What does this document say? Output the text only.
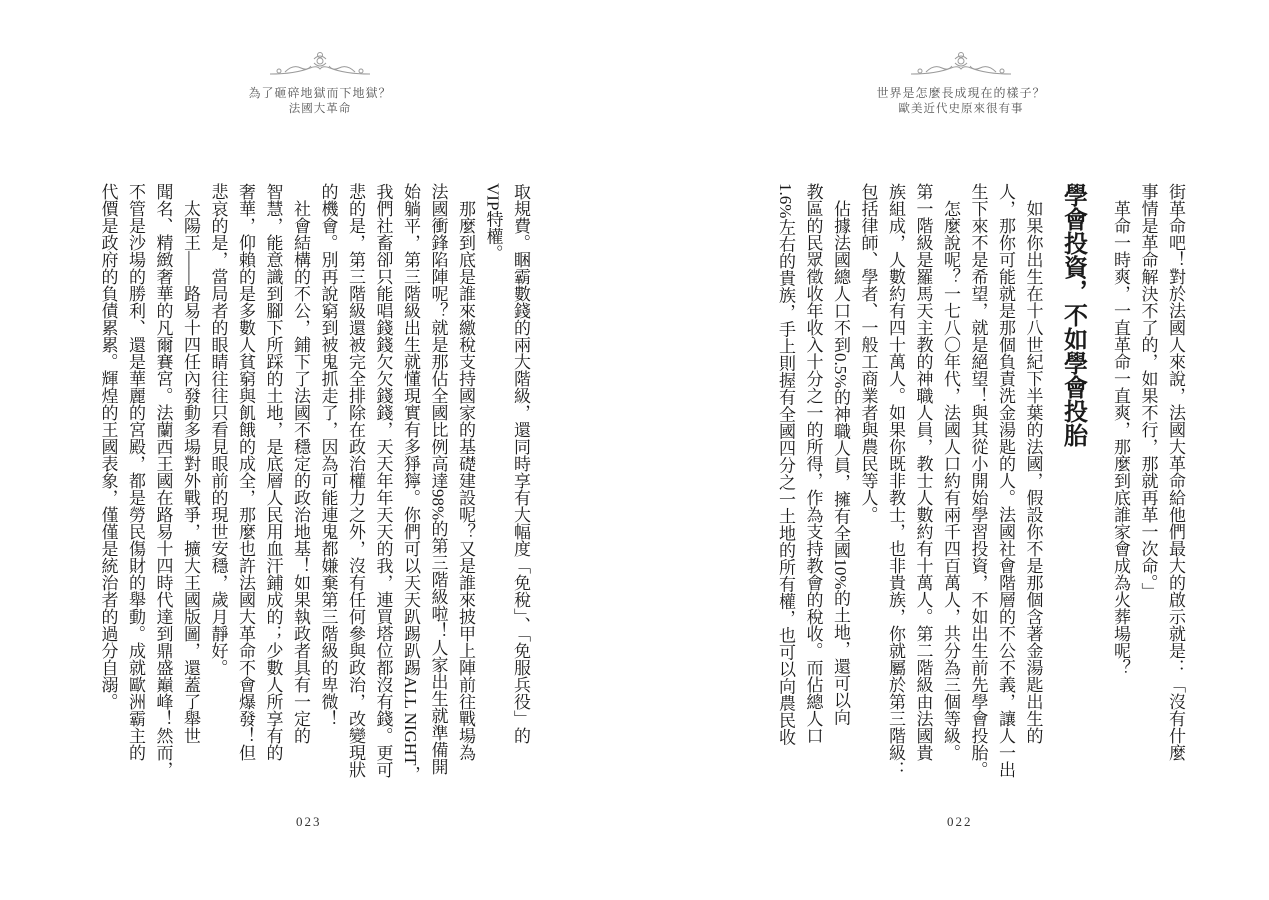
為了砸碎地獄而下地獄？
法國大革命
取規費。睏霸數錢的兩大階級，還同時享有大幅度「免稅」、「免服兵役」的
VIP特權。
那麼到底是誰來繳稅支持國家的基礎建設呢？又是誰來披甲上陣前往戰場為
法國衝鋒陷陣呢？就是那佔全國比例高達98%的第三階級啦！人家出生就準備開
始躺平，第三階級出生就懂現實有多猙獰。你們可以天天趴踢趴踢ALL NIGHT，
我們社畜卻只能唱錢錢欠欠錢錢，天天年年天天的我，連買塔位都沒有錢。更可
悲的是，第三階級還被完全排除在政治權力之外，沒有任何參與政治，改變現狀
的機會。別再說窮到被鬼抓走了，因為可能連鬼都嫌棄第三階級的卑微！
社會結構的不公，鋪下了法國不穩定的政治地基！如果執政者具有一定的
智慧，能意識到腳下所踩的土地，是底層人民用血汗鋪成的；少數人所享有的
奢華，仰賴的是多數人貧窮與飢餓的成全，那麼也許法國大革命不會爆發！但
悲哀的是，當局者的眼睛往往只看見眼前的現世安穩，歲月靜好。
太陽王——路易十四任內發動多場對外戰爭，擴大王國版圖，還蓋了舉世
聞名、精緻奢華的凡爾賽宮。法蘭西王國在路易十四時代達到鼎盛巔峰！然而，
不管是沙場的勝利、還是華麗的宮殿，都是勞民傷財的舉動。成就歐洲霸主的
代價是政府的負債累累。輝煌的王國表象，僅僅是統治者的過分自溺。
023
世界是怎麼長成現在的樣子？
歐美近代史原來很有事
街革命吧！對於法國人來說，法國大革命給他們最大的啟示就是：「沒有什麼
事情是革命解決不了的，如果不行，那就再革一次命。」
革命一時爽，一直革命一直爽，那麼到底誰家會成為火葬場呢？
學會投資，不如學會投胎
如果你出生在十八世紀下半葉的法國，假設你不是那個含著金湯匙出生的
人，那你可能就是那個負責洗金湯匙的人。法國社會階層的不公不義，讓人一出
生下來不是希望，就是絕望！與其從小開始學習投資，不如出生前先學會投胎。
怎麼說呢？一七八〇年代，法國人口約有兩千四百萬人，共分為三個等級。
第一階級是羅馬天主教的神職人員，教士人數約有十萬人。第二階級由法國貴
族組成，人數約有四十萬人。如果你既非教士，也非貴族，你就屬於第三階級：
包括律師、學者、一般工商業者與農民等人。
佔據法國總人口不到0.5%的神職人員，擁有全國10%的土地，還可以向
教區的民眾徵收年收入十分之一的所得，作為支持教會的稅收。而佔總人口
1.6%左右的貴族，手上則握有全國四分之一土地的所有權，也可以向農民收
022
